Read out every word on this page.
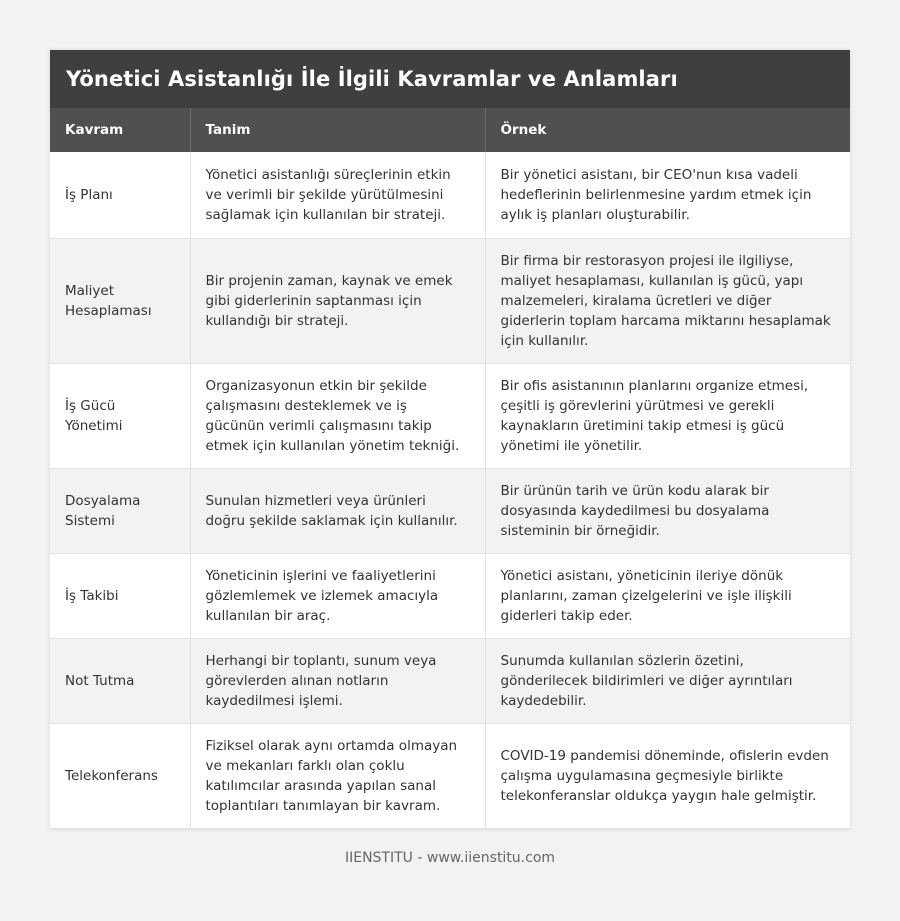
Yönetici Asistanlığı İle İlgili Kavramlar ve Anlamları
Kavram	Tanim	Örnek
İş Planı	Yönetici asistanlığı süreçlerinin etkin ve verimli bir şekilde yürütülmesini sağlamak için kullanılan bir strateji.	Bir yönetici asistanı, bir CEO'nun kısa vadeli hedeflerinin belirlenmesine yardım etmek için aylık iş planları oluşturabilir.
Maliyet Hesaplaması	Bir projenin zaman, kaynak ve emek gibi giderlerinin saptanması için kullandığı bir strateji.	Bir firma bir restorasyon projesi ile ilgiliyse, maliyet hesaplaması, kullanılan iş gücü, yapı malzemeleri, kiralama ücretleri ve diğer giderlerin toplam harcama miktarını hesaplamak için kullanılır.
İş Gücü Yönetimi	Organizasyonun etkin bir şekilde çalışmasını desteklemek ve iş gücünün verimli çalışmasını takip etmek için kullanılan yönetim tekniği.	Bir ofis asistanının planlarını organize etmesi, çeşitli iş görevlerini yürütmesi ve gerekli kaynakların üretimini takip etmesi iş gücü yönetimi ile yönetilir.
Dosyalama Sistemi	Sunulan hizmetleri veya ürünleri doğru şekilde saklamak için kullanılır.	Bir ürünün tarih ve ürün kodu alarak bir dosyasında kaydedilmesi bu dosyalama sisteminin bir örneğidir.
İş Takibi	Yöneticinin işlerini ve faaliyetlerini gözlemlemek ve izlemek amacıyla kullanılan bir araç.	Yönetici asistanı, yöneticinin ileriye dönük planlarını, zaman çizelgelerini ve işle ilişkili giderleri takip eder.
Not Tutma	Herhangi bir toplantı, sunum veya görevlerden alınan notların kaydedilmesi işlemi.	Sunumda kullanılan sözlerin özetini, gönderilecek bildirimleri ve diğer ayrıntıları kaydedebilir.
Telekonferans	Fiziksel olarak aynı ortamda olmayan ve mekanları farklı olan çoklu katılımcılar arasında yapılan sanal toplantıları tanımlayan bir kavram.	COVID-19 pandemisi döneminde, ofislerin evden çalışma uygulamasına geçmesiyle birlikte telekonferanslar oldukça yaygın hale gelmiştir.
IIENSTITU - www.iienstitu.com
